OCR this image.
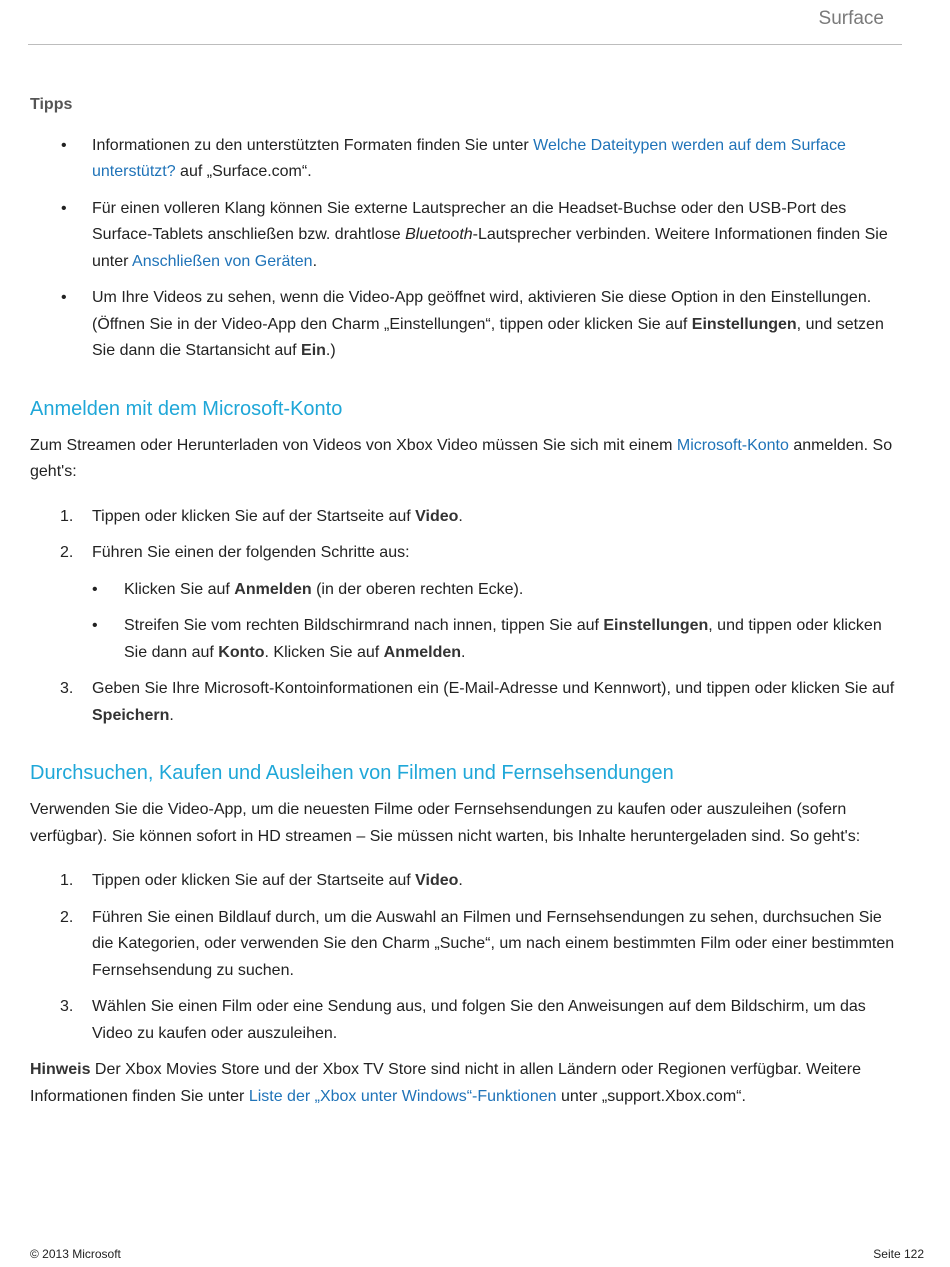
Surface
Tipps
• Informationen zu den unterstützten Formaten finden Sie unter Welche Dateitypen werden auf dem Surface unterstützt? auf „Surface.com“.
• Für einen volleren Klang können Sie externe Lautsprecher an die Headset-Buchse oder den USB-Port des Surface-Tablets anschließen bzw. drahtlose Bluetooth-Lautsprecher verbinden. Weitere Informationen finden Sie unter Anschließen von Geräten.
• Um Ihre Videos zu sehen, wenn die Video-App geöffnet wird, aktivieren Sie diese Option in den Einstellungen. (Öffnen Sie in der Video-App den Charm „Einstellungen“, tippen oder klicken Sie auf Einstellungen, und setzen Sie dann die Startansicht auf Ein.)
Anmelden mit dem Microsoft-Konto

Zum Streamen oder Herunterladen von Videos von Xbox Video müssen Sie sich mit einem Microsoft-Konto anmelden. So geht's:

1. Tippen oder klicken Sie auf der Startseite auf Video.
2. Führen Sie einen der folgenden Schritte aus:
• Klicken Sie auf Anmelden (in der oberen rechten Ecke).
• Streifen Sie vom rechten Bildschirmrand nach innen, tippen Sie auf Einstellungen, und tippen oder klicken Sie dann auf Konto. Klicken Sie auf Anmelden.
3. Geben Sie Ihre Microsoft-Kontoinformationen ein (E-Mail-Adresse und Kennwort), und tippen oder klicken Sie auf Speichern.
Durchsuchen, Kaufen und Ausleihen von Filmen und Fernsehsendungen

Verwenden Sie die Video-App, um die neuesten Filme oder Fernsehsendungen zu kaufen oder auszuleihen (sofern verfügbar). Sie können sofort in HD streamen – Sie müssen nicht warten, bis Inhalte heruntergeladen sind. So geht's:

1. Tippen oder klicken Sie auf der Startseite auf Video.
2. Führen Sie einen Bildlauf durch, um die Auswahl an Filmen und Fernsehsendungen zu sehen, durchsuchen Sie die Kategorien, oder verwenden Sie den Charm „Suche“, um nach einem bestimmten Film oder einer bestimmten Fernsehsendung zu suchen.
3. Wählen Sie einen Film oder eine Sendung aus, und folgen Sie den Anweisungen auf dem Bildschirm, um das Video zu kaufen oder auszuleihen.

Hinweis Der Xbox Movies Store und der Xbox TV Store sind nicht in allen Ländern oder Regionen verfügbar. Weitere Informationen finden Sie unter Liste der „Xbox unter Windows“-Funktionen unter „support.Xbox.com“.

© 2013 Microsoft	Seite 122
